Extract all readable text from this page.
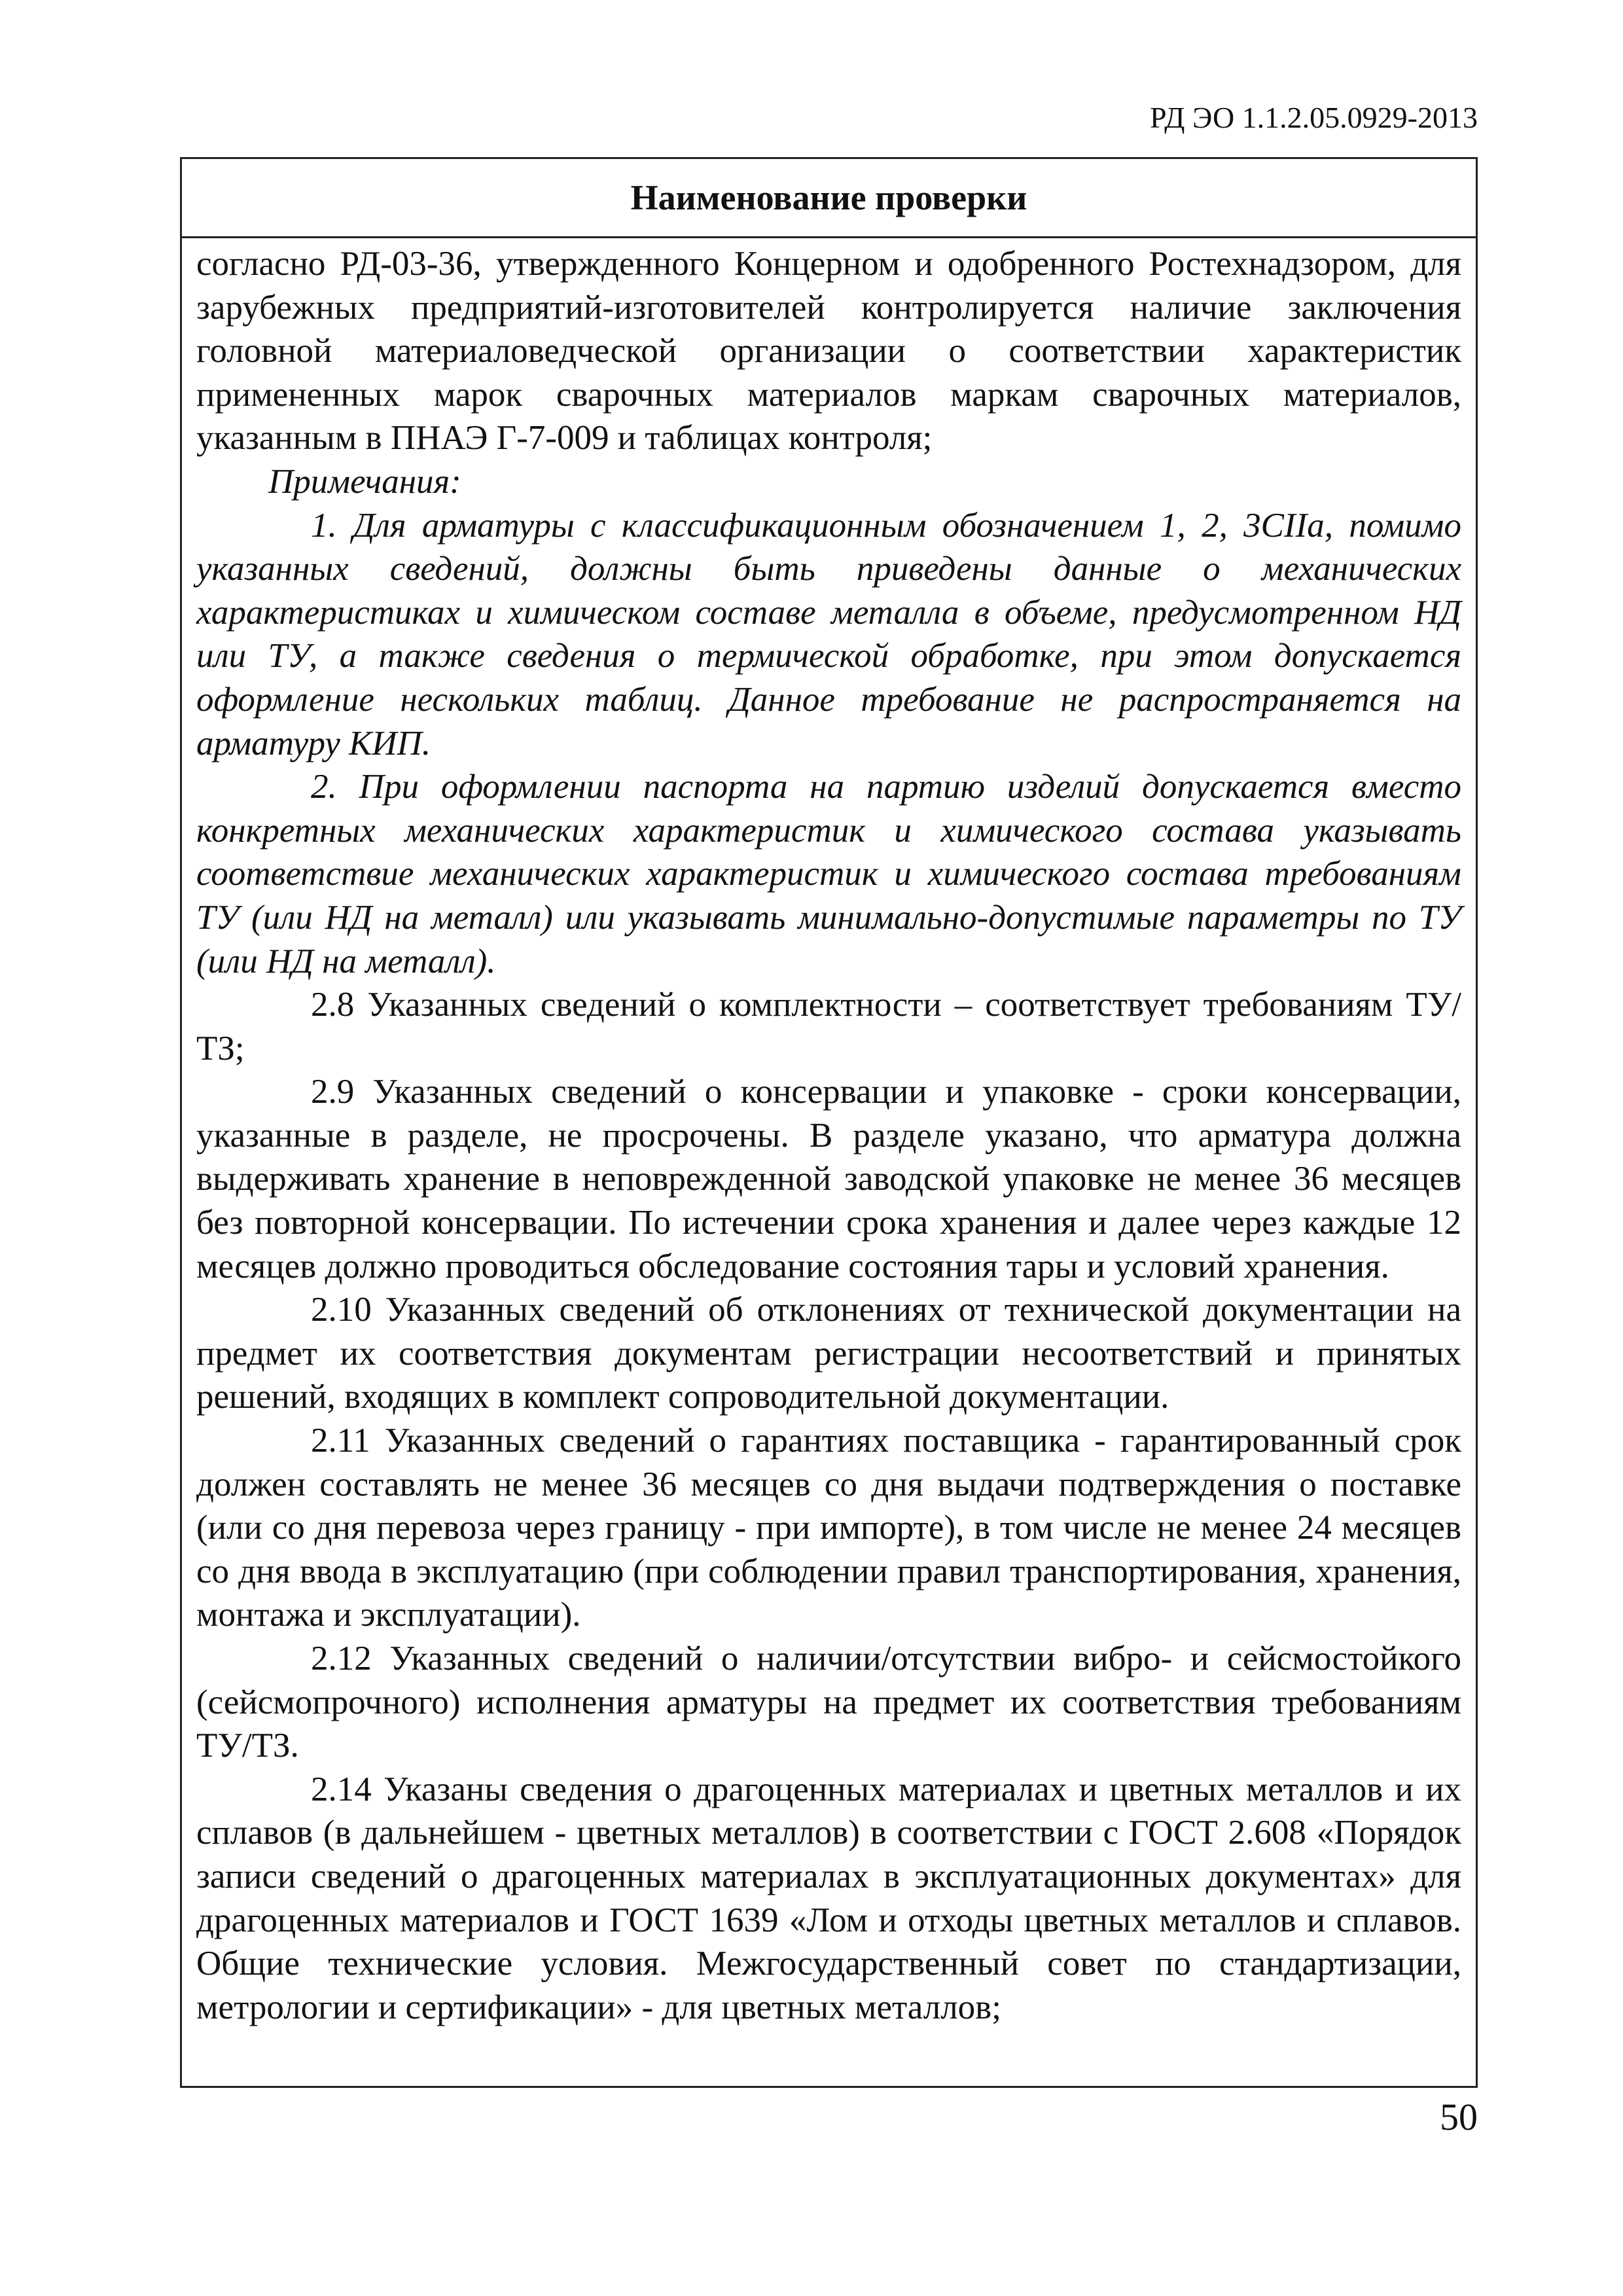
РД ЭО 1.1.2.05.0929-2013
Наименование проверки

согласно РД-03-36, утвержденного Концерном и одобренного Ростехнадзором, для зарубежных предприятий-изготовителей контролируется наличие заключения головной материаловедческой организации о соответствии характеристик примененных марок сварочных материалов маркам сварочных материалов, указанным в ПНАЭ Г-7-009 и таблицах контроля;

Примечания:

1. Для арматуры с классификационным обозначением 1, 2, 3СIIа, помимо указанных сведений, должны быть приведены данные о механических характеристиках и химическом составе металла в объеме, предусмотренном НД или ТУ, а также сведения о термической обработке, при этом допускается оформление нескольких таблиц. Данное требование не распространяется на арматуру КИП.

2. При оформлении паспорта на партию изделий допускается вместо конкретных механических характеристик и химического состава указывать соответствие механических характеристик и химического состава требованиям ТУ (или НД на металл) или указывать минимально-допустимые параметры по ТУ (или НД на металл).

2.8 Указанных сведений о комплектности – соответствует требованиям ТУ/ТЗ;

2.9 Указанных сведений о консервации и упаковке - сроки консервации, указанные в разделе, не просрочены. В разделе указано, что арматура должна выдерживать хранение в неповрежденной заводской упаковке не менее 36 месяцев без повторной консервации. По истечении срока хранения и далее через каждые 12 месяцев должно проводиться обследование состояния тары и условий хранения.

2.10 Указанных сведений об отклонениях от технической документации на предмет их соответствия документам регистрации несоответствий и принятых решений, входящих в комплект сопроводительной документации.

2.11 Указанных сведений о гарантиях поставщика - гарантированный срок должен составлять не менее 36 месяцев со дня выдачи подтверждения о поставке (или со дня перевоза через границу - при импорте), в том числе не менее 24 месяцев со дня ввода в эксплуатацию (при соблюдении правил транспортирования, хранения, монтажа и эксплуатации).

2.12 Указанных сведений о наличии/отсутствии вибро- и сейсмостойкого (сейсмопрочного) исполнения арматуры на предмет их соответствия требованиям ТУ/ТЗ.

2.14 Указаны сведения о драгоценных материалах и цветных металлов и их сплавов (в дальнейшем - цветных металлов) в соответствии с ГОСТ 2.608 «Порядок записи сведений о драгоценных материалах в эксплуатационных документах» для драгоценных материалов и ГОСТ 1639 «Лом и отходы цветных металлов и сплавов. Общие технические условия. Межгосударственный совет по стандартизации, метрологии и сертификации» - для цветных металлов;

50
